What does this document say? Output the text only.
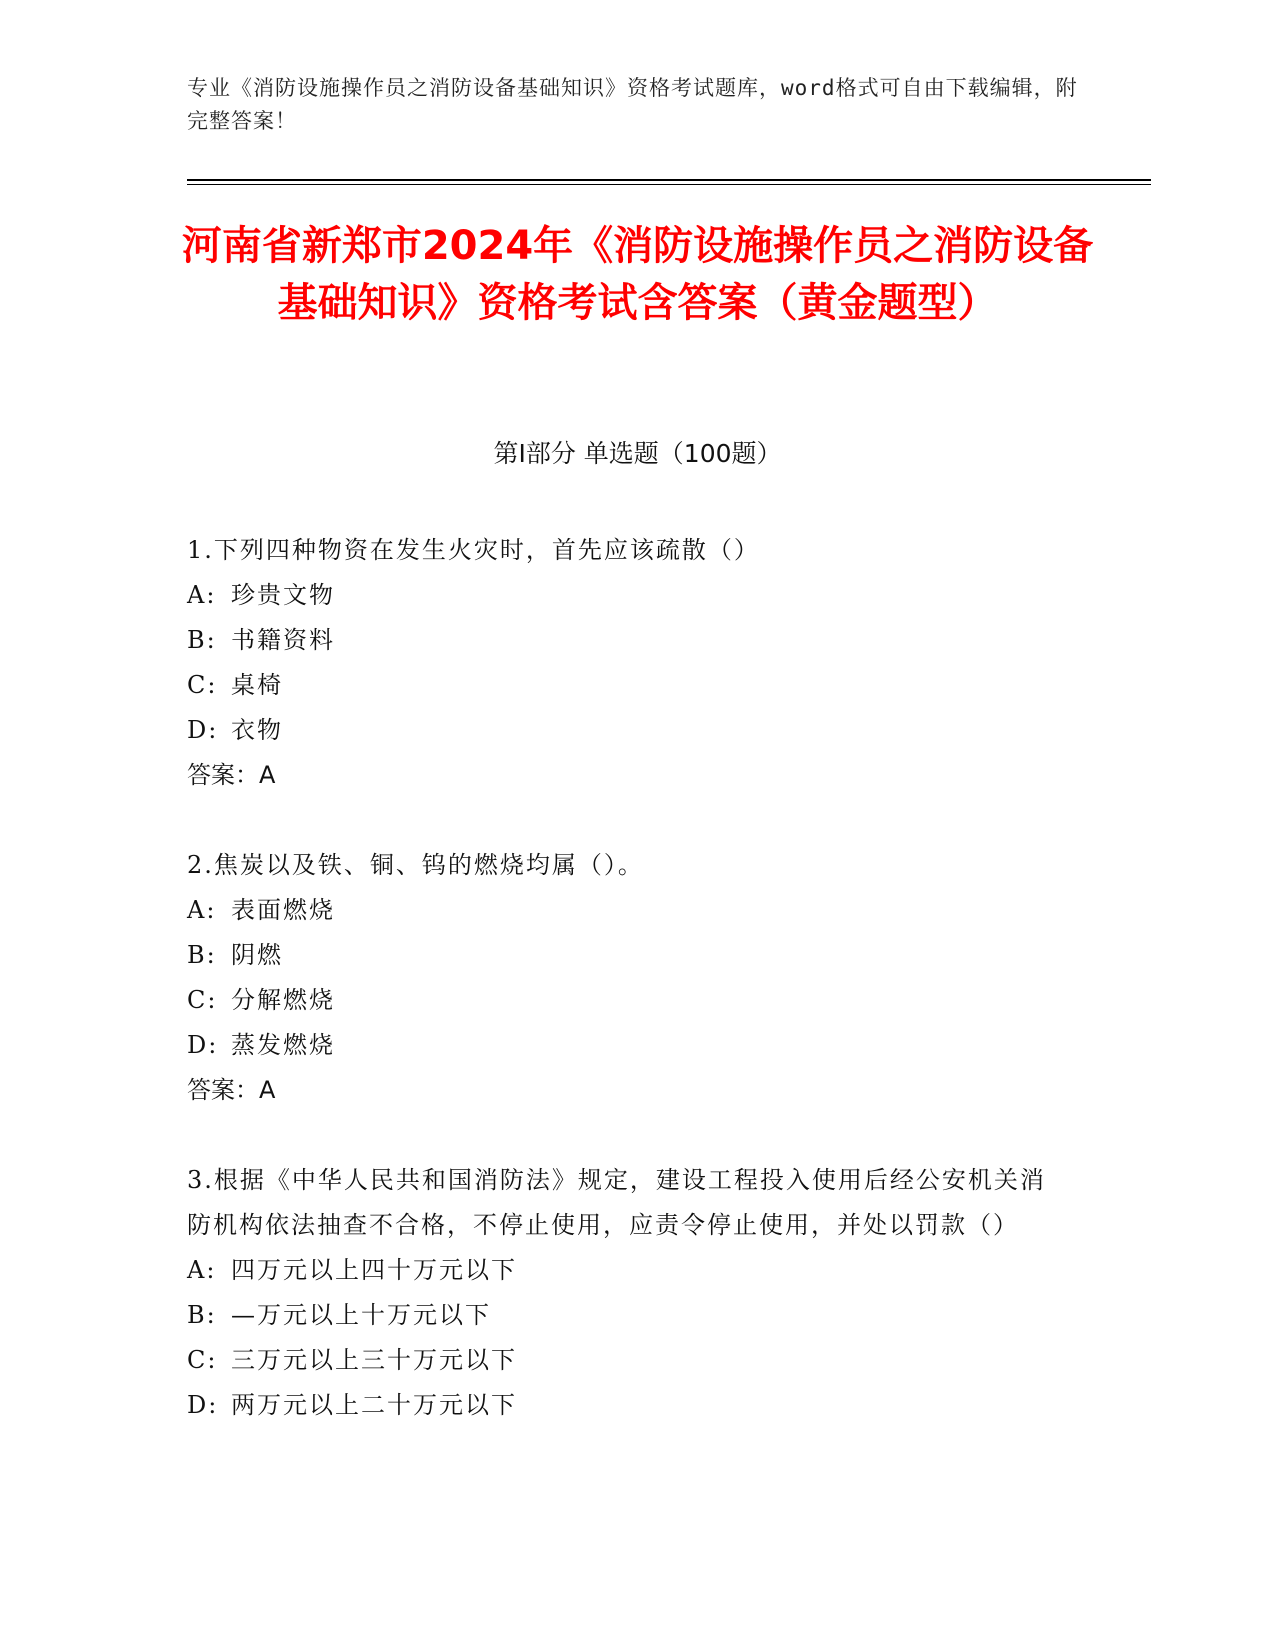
专业《消防设施操作员之消防设备基础知识》资格考试题库，word格式可自由下载编辑，附完整答案！
河南省新郑市2024年《消防设施操作员之消防设备基础知识》资格考试含答案（黄金题型）
第Ⅰ部分 单选题（100题）
1.下列四种物资在发生火灾时，首先应该疏散（）
A: 珍贵文物
B: 书籍资料
C: 桌椅
D: 衣物
答案：A
2.焦炭以及铁、铜、钨的燃烧均属（）。
A: 表面燃烧
B: 阴燃
C: 分解燃烧
D: 蒸发燃烧
答案：A
3.根据《中华人民共和国消防法》规定，建设工程投入使用后经公安机关消防机构依法抽查不合格，不停止使用，应责令停止使用，并处以罚款（）
A: 四万元以上四十万元以下
B: —万元以上十万元以下
C: 三万元以上三十万元以下
D: 两万元以上二十万元以下
